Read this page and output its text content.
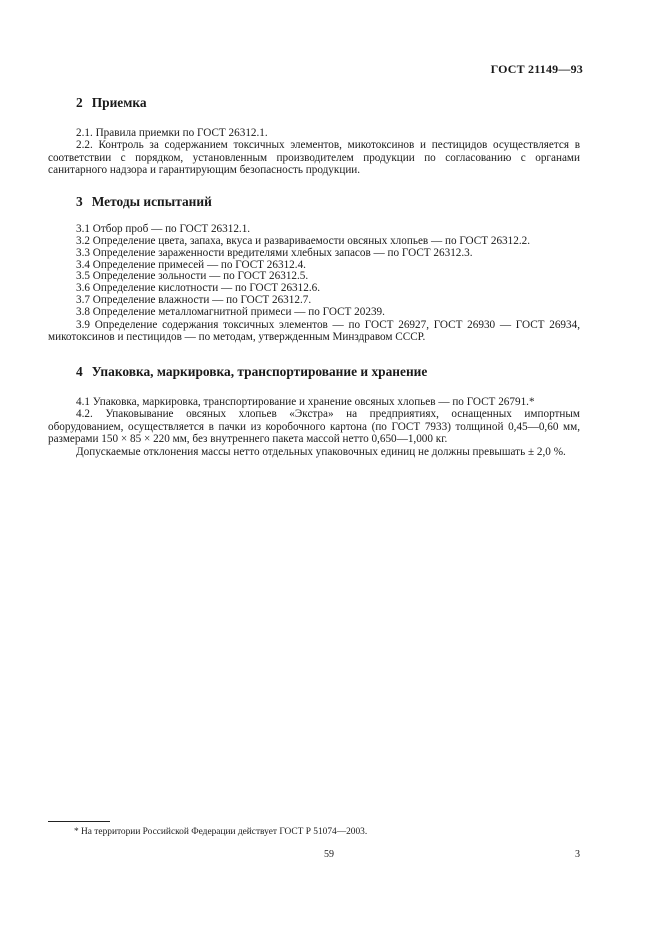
ГОСТ 21149—93
2 Приемка

2.1. Правила приемки по ГОСТ 26312.1.

2.2. Контроль за содержанием токсичных элементов, микотоксинов и пестицидов осуществляется в соответствии с порядком, установленным производителем продукции по согласованию с органами санитарного надзора и гарантирующим безопасность продукции.

3 Методы испытаний
3.1 Отбор проб — по ГОСТ 26312.1.
3.2 Определение цвета, запаха, вкуса и развариваемости овсяных хлопьев — по ГОСТ 26312.2.
3.3 Определение зараженности вредителями хлебных запасов — по ГОСТ 26312.3.
3.4 Определение примесей — по ГОСТ 26312.4.
3.5 Определение зольности — по ГОСТ 26312.5.
3.6 Определение кислотности — по ГОСТ 26312.6.
3.7 Определение влажности — по ГОСТ 26312.7.
3.8 Определение металломагнитной примеси — по ГОСТ 20239.

3.9 Определение содержания токсичных элементов — по ГОСТ 26927, ГОСТ 26930 — ГОСТ 26934, микотоксинов и пестицидов — по методам, утвержденным Минздравом СССР.

4 Упаковка, маркировка, транспортирование и хранение

4.1 Упаковка, маркировка, транспортирование и хранение овсяных хлопьев — по ГОСТ 26791.*

4.2. Упаковывание овсяных хлопьев «Экстра» на предприятиях, оснащенных импортным оборудованием, осуществляется в пачки из коробочного картона (по ГОСТ 7933) толщиной 0,45—0,60 мм, размерами 150 × 85 × 220 мм, без внутреннего пакета массой нетто 0,650—1,000 кг.

Допускаемые отклонения массы нетто отдельных упаковочных единиц не должны превышать ± 2,0 %.

* На территории Российской Федерации действует ГОСТ Р 51074—2003.
59	3
